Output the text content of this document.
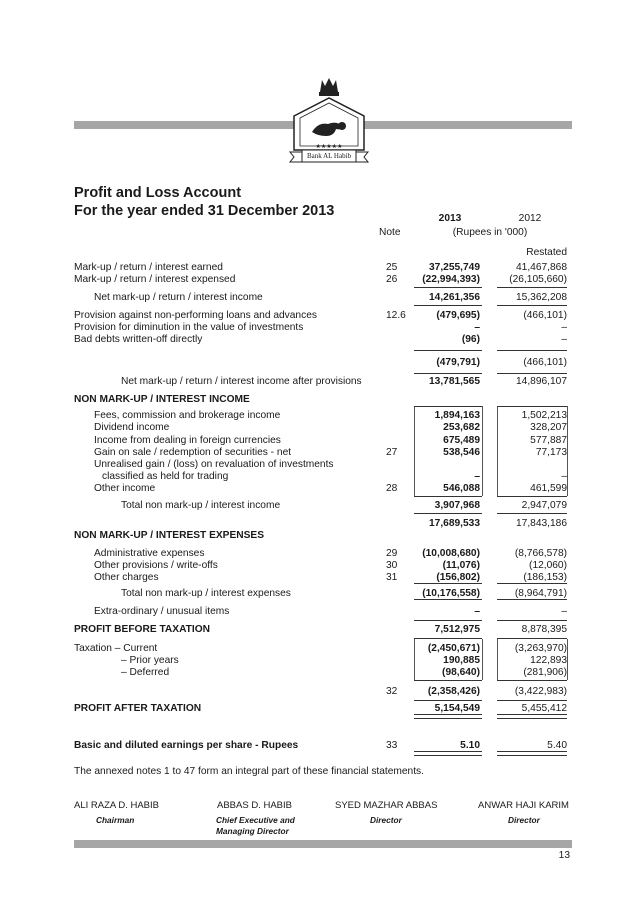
★★★★★
Bank AL Habib
Profit and Loss Account
For the year ended 31 December 2013	2013	2012
Note	(Rupees in '000)
Restated
Mark-up / return / interest earned	25	37,255,749	41,467,868
Mark-up / return / interest expensed	26	(22,994,393)	(26,105,660)
Net mark-up / return / interest income	14,261,356	15,362,208
Provision against non-performing loans and advances	12.6	(479,695)	(466,101)
Provision for diminution in the value of investments	–	–
Bad debts written-off directly	(96)	–
(479,791)	(466,101)
Net mark-up / return / interest income after provisions	13,781,565	14,896,107
NON MARK-UP / INTEREST INCOME
Fees, commission and brokerage income	1,894,163	1,502,213
Dividend income	253,682	328,207
Income from dealing in foreign currencies	675,489	577,887
Gain on sale / redemption of securities - net	27	538,546	77,173
Unrealised gain / (loss) on revaluation of investments
classified as held for trading	–	–
Other income	28	546,088	461,599
Total non mark-up / interest income	3,907,968	2,947,079
17,689,533	17,843,186
NON MARK-UP / INTEREST EXPENSES
Administrative expenses	29	(10,008,680)	(8,766,578)
Other provisions / write-offs	30	(11,076)	(12,060)
Other charges	31	(156,802)	(186,153)
Total non mark-up / interest expenses	(10,176,558)	(8,964,791)
Extra-ordinary / unusual items	–	–
PROFIT BEFORE TAXATION	7,512,975	8,878,395
Taxation – Current	(2,450,671)	(3,263,970)
– Prior years	190,885	122,893
– Deferred	(98,640)	(281,906)
32	(2,358,426)	(3,422,983)
PROFIT AFTER TAXATION	5,154,549	5,455,412
Basic and diluted earnings per share - Rupees	33	5.10	5.40
The annexed notes 1 to 47 form an integral part of these financial statements.
ALI RAZA D. HABIB
Chairman
ABBAS D. HABIB
Chief Executive and Managing Director
SYED MAZHAR ABBAS
Director
ANWAR HAJI KARIM
Director
13
